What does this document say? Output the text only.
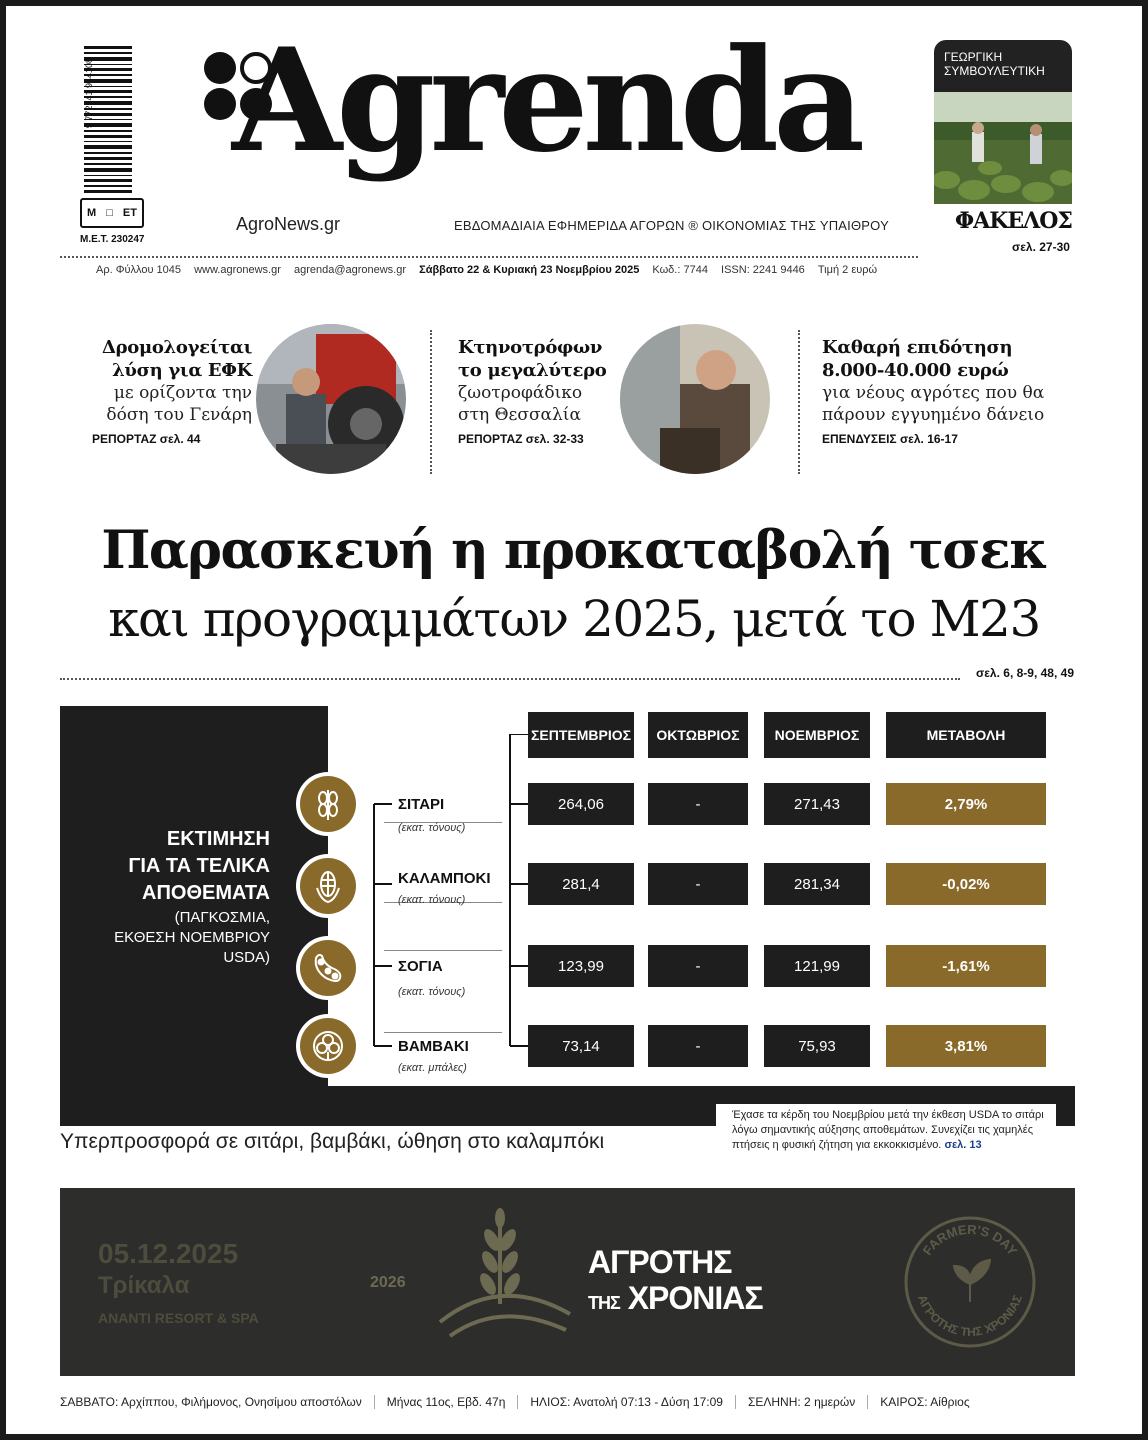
9 772241 944108
Μ □ ΕΤ
Μ.Ε.Τ. 230247
Agrenda
AgroNews.gr	ΕΒΔΟΜΑΔΙΑΙΑ ΕΦΗΜΕΡΙΔΑ ΑΓΟΡΩΝ ® ΟΙΚΟΝΟΜΙΑΣ ΤΗΣ ΥΠΑΙΘΡΟΥ
ΓΕΩΡΓΙΚΗ
ΣΥΜΒΟΥΛΕΥΤΙΚΗ
ΦΑΚΕΛΟΣ
σελ. 27-30
Αρ. Φύλλου 1045 www.agronews.gr agrenda@agronews.gr Σάββατο 22 & Κυριακή 23 Νοεμβρίου 2025 Κωδ.: 7744 ISSN: 2241 9446 Τιμή 2 ευρώ
Δρομολογείται
λύση για ΕΦΚ
με ορίζοντα την
δόση του Γενάρη
ΡΕΠΟΡΤΑΖ σελ. 44
Κτηνοτρόφων
το μεγαλύτερο
ζωοτροφάδικο
στη Θεσσαλία
ΡΕΠΟΡΤΑΖ σελ. 32-33
Καθαρή επιδότηση
8.000-40.000 ευρώ
για νέους αγρότες που θα
πάρουν εγγυημένο δάνειο
ΕΠΕΝΔΥΣΕΙΣ σελ. 16-17
Παρασκευή η προκαταβολή τσεκ
και προγραμμάτων 2025, μετά το Μ23
σελ. 6, 8-9, 48, 49
ΕΚΤΙΜΗΣΗ
ΓΙΑ ΤΑ ΤΕΛΙΚΑ
ΑΠΟΘΕΜΑΤΑ
(ΠΑΓΚΟΣΜΙΑ,
ΕΚΘΕΣΗ ΝΟΕΜΒΡΙΟΥ
USDA)
ΣΕΠΤΕΜΒΡΙΟΣ	ΟΚΤΩΒΡΙΟΣ	ΝΟΕΜΒΡΙΟΣ	ΜΕΤΑΒΟΛΗ
ΣΙΤΑΡΙ
(εκατ. τόνους)
264,06	-	271,43	2,79%
ΚΑΛΑΜΠΟΚΙ
(εκατ. τόνους)
281,4	-	281,34	-0,02%
ΣΟΓΙΑ
(εκατ. τόνους)
123,99	-	121,99	-1,61%
ΒΑΜΒΑΚΙ
(εκατ. μπάλες)
73,14	-	75,93	3,81%
Υπερπροσφορά σε σιτάρι, βαμβάκι, ώθηση στο καλαμπόκι
Έχασε τα κέρδη του Νοεμβρίου μετά την έκθεση USDA το σιτάρι λόγω σημαντικής αύξησης αποθεμάτων. Συνεχίζει τις χαμηλές πτήσεις η φυσική ζήτηση για εκκοκκισμένο. σελ. 13
05.12.2025
Τρίκαλα
ANANTI RESORT & SPA
2026
ΑΓΡΟΤΗΣ
ΤΗΣ ΧΡΟΝΙΑΣ
FARMER'S DAY
ΑΓΡΟΤΗΣ ΤΗΣ ΧΡΟΝΙΑΣ
ΣΑΒΒΑΤΟ: Αρχίππου, Φιλήμονος, Ονησίμου αποστόλων	Μήνας 11ος, Εβδ. 47η	ΗΛΙΟΣ: Ανατολή 07:13 - Δύση 17:09	ΣΕΛΗΝΗ: 2 ημερών	ΚΑΙΡΟΣ: Αίθριος
